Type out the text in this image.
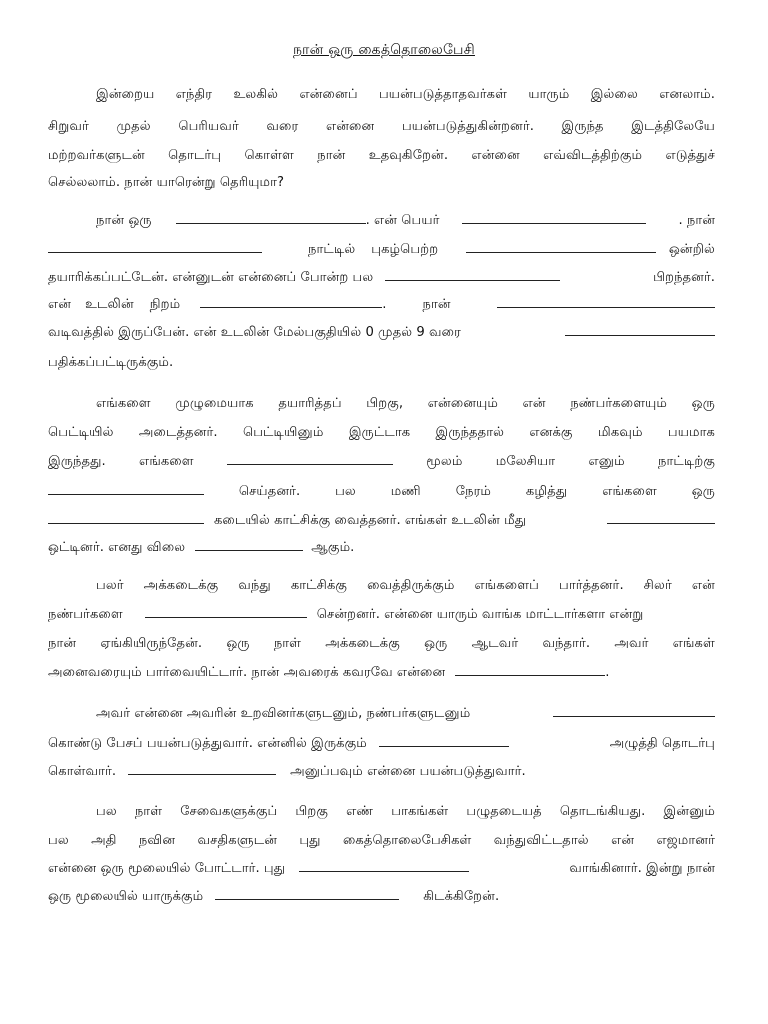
நான் ஒரு கைத்தொலைபேசி
இன்றைய எந்திர உலகில் என்னைப் பயன்படுத்தாதவர்கள் யாரும் இல்லை எனலாம்.
சிறுவர் முதல் பெரியவர் வரை என்னை பயன்படுத்துகின்றனர். இருந்த இடத்திலேயே
மற்றவர்களுடன் தொடர்பு கொள்ள நான் உதவுகிறேன். என்னை எவ்விடத்திற்கும் எடுத்துச்
செல்லலாம். நான் யாரென்று தெரியுமா?
நான் ஒரு	. என் பெயர்	. நான்
நாட்டில் புகழ்பெற்ற	ஒன்றில்
தயாரிக்கப்பட்டேன். என்னுடன் என்னைப் போன்ற பல	பிறந்தனர்.
என் உடலின் நிறம்	.	நான்
வடிவத்தில் இருப்பேன். என் உடலின் மேல்பகுதியில் 0 முதல் 9 வரை
பதிக்கப்பட்டிருக்கும்.
எங்களை முழுமையாக தயாரித்தப் பிறகு, என்னையும் என் நண்பர்களையும் ஒரு
பெட்டியில் அடைத்தனர். பெட்டியினும் இருட்டாக இருந்ததால் எனக்கு மிகவும் பயமாக
இருந்தது.	எங்களை	மூலம்	மலேசியா	எனும்	நாட்டிற்கு
செய்தனர்.	பல	மணி	நேரம்	கழித்து	எங்களை	ஒரு
கடையில் காட்சிக்கு வைத்தனர். எங்கள் உடலின் மீது
ஒட்டினர். எனது விலை	ஆகும்.
பலர் அக்கடைக்கு வந்து காட்சிக்கு வைத்திருக்கும் எங்களைப் பார்த்தனர். சிலர் என்
நண்பர்களை	சென்றனர். என்னை யாரும் வாங்க மாட்டார்களா என்று
நான் ஏங்கியிருந்தேன். ஒரு நாள் அக்கடைக்கு ஒரு ஆடவர் வந்தார். அவர் எங்கள்
அனைவரையும் பார்வையிட்டார். நான் அவரைக் கவரவே என்னை	.
அவர் என்னை அவரின் உறவினர்களுடனும், நண்பர்களுடனும்
கொண்டு பேசப் பயன்படுத்துவார். என்னில் இருக்கும்	அழுத்தி தொடர்பு
கொள்வார்.	அனுப்பவும் என்னை பயன்படுத்துவார்.
பல நாள் சேவைகளுக்குப் பிறகு எண் பாகங்கள் பழுதடையத் தொடங்கியது. இன்னும்
பல அதி நவின வசதிகளுடன் புது கைத்தொலைபேசிகள் வந்துவிட்டதால் என் எஜமானர்
என்னை ஒரு மூலையில் போட்டார். புது	வாங்கினார். இன்று நான்
ஒரு மூலையில் யாருக்கும்	கிடக்கிறேன்.
